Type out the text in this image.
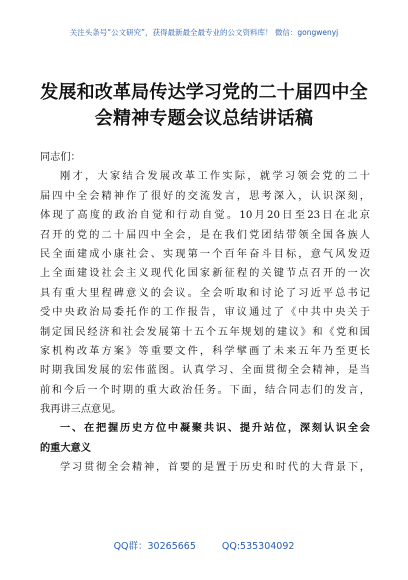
关注头条号“公文研究”，获得最新最全最专业的公文资料库！ 微信：gongwenyj
发展和改革局传达学习党的二十届四中全
会精神专题会议总结讲话稿
同志们：
刚才，大家结合发展改革工作实际，就学习领会党的二十
届四中全会精神作了很好的交流发言，思考深入，认识深刻，
体现了高度的政治自觉和行动自觉。10月20日至23日在北京
召开的党的二十届四中全会，是在我们党团结带领全国各族人
民全面建成小康社会、实现第一个百年奋斗目标，意气风发迈
上全面建设社会主义现代化国家新征程的关键节点召开的一次
具有重大里程碑意义的会议。全会听取和讨论了习近平总书记
受中央政治局委托作的工作报告，审议通过了《中共中央关于
制定国民经济和社会发展第十五个五年规划的建议》和《党和国
家机构改革方案》等重要文件，科学擘画了未来五年乃至更长
时期我国发展的宏伟蓝图。认真学习、全面贯彻全会精神，是当
前和今后一个时期的重大政治任务。下面，结合同志们的发言，
我再讲三点意见。
一、在把握历史方位中凝聚共识、提升站位，深刻认识全会
的重大意义
学习贯彻全会精神，首要的是置于历史和时代的大背景下，
QQ群：30265665	QQ:535304092
